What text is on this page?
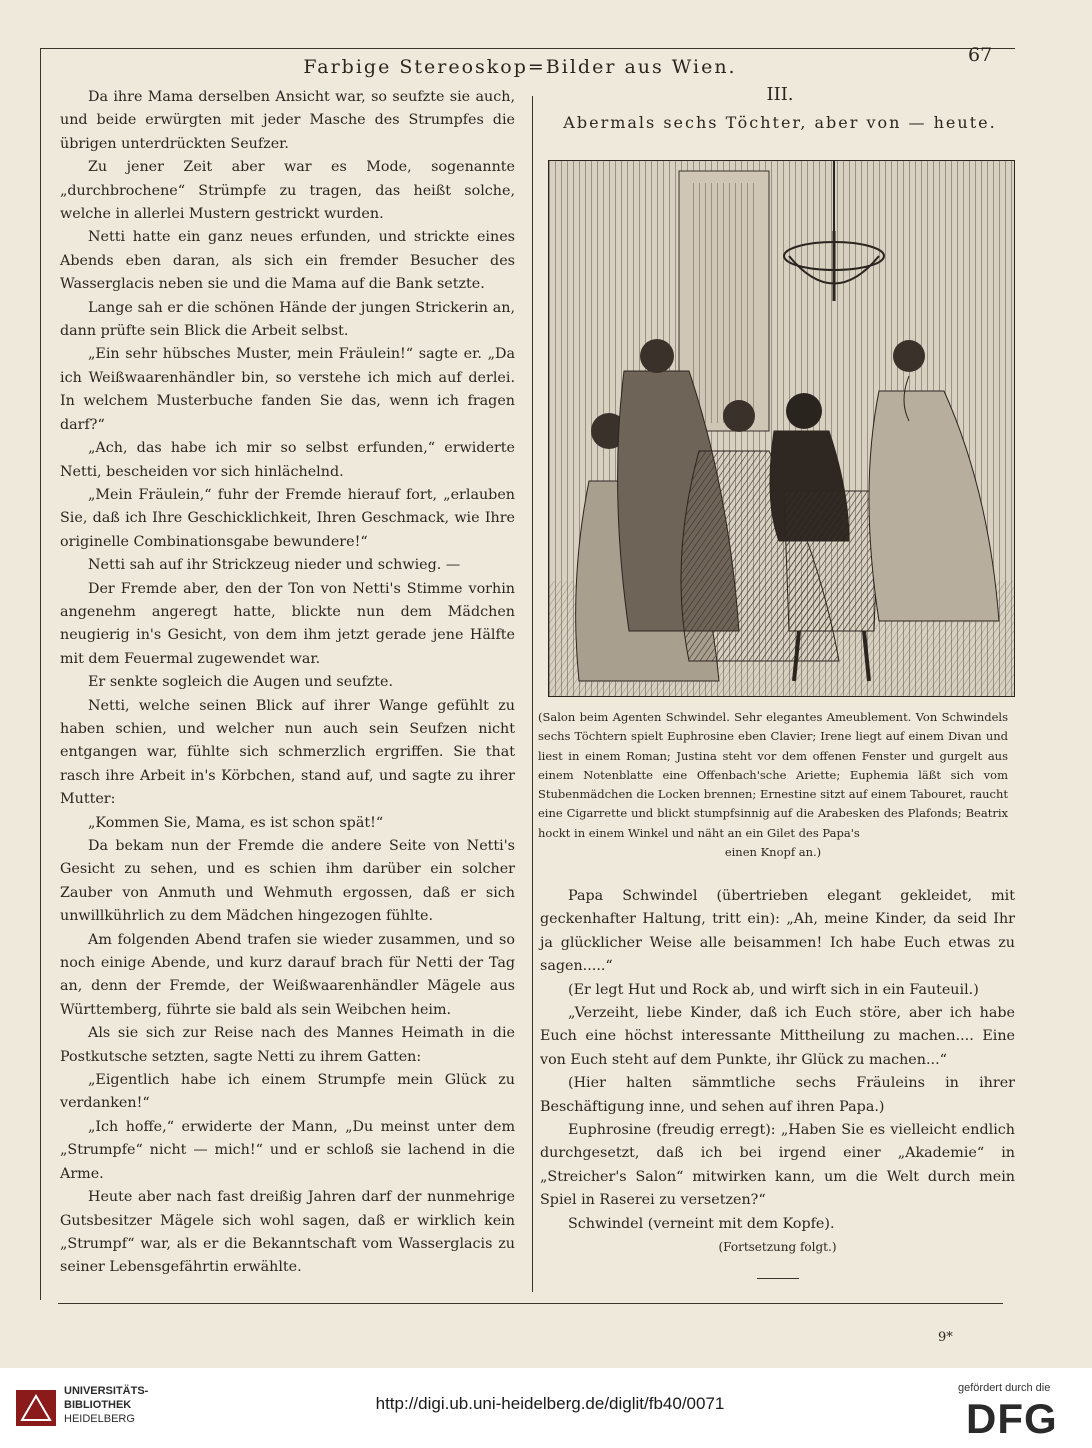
Farbige Stereoskop=Bilder aus Wien.
67

Da ihre Mama derselben Ansicht war, so seufzte sie auch, und beide erwürgten mit jeder Masche des Strumpfes die übrigen unterdrückten Seufzer.

Zu jener Zeit aber war es Mode, sogenannte „durchbrochene“ Strümpfe zu tragen, das heißt solche, welche in allerlei Mustern gestrickt wurden.

Netti hatte ein ganz neues erfunden, und strickte eines Abends eben daran, als sich ein fremder Besucher des Wasserglacis neben sie und die Mama auf die Bank setzte.

Lange sah er die schönen Hände der jungen Strickerin an, dann prüfte sein Blick die Arbeit selbst.

„Ein sehr hübsches Muster, mein Fräulein!“ sagte er. „Da ich Weißwaarenhändler bin, so verstehe ich mich auf derlei. In welchem Musterbuche fanden Sie das, wenn ich fragen darf?“

„Ach, das habe ich mir so selbst erfunden,“ erwiderte Netti, bescheiden vor sich hinlächelnd.

„Mein Fräulein,“ fuhr der Fremde hierauf fort, „erlauben Sie, daß ich Ihre Geschicklichkeit, Ihren Geschmack, wie Ihre originelle Combinationsgabe bewundere!“

Netti sah auf ihr Strickzeug nieder und schwieg. —

Der Fremde aber, den der Ton von Netti's Stimme vorhin angenehm angeregt hatte, blickte nun dem Mädchen neugierig in's Gesicht, von dem ihm jetzt gerade jene Hälfte mit dem Feuermal zugewendet war.

Er senkte sogleich die Augen und seufzte.

Netti, welche seinen Blick auf ihrer Wange gefühlt zu haben schien, und welcher nun auch sein Seufzen nicht entgangen war, fühlte sich schmerzlich ergriffen. Sie that rasch ihre Arbeit in's Körbchen, stand auf, und sagte zu ihrer Mutter:

„Kommen Sie, Mama, es ist schon spät!“

Da bekam nun der Fremde die andere Seite von Netti's Gesicht zu sehen, und es schien ihm darüber ein solcher Zauber von Anmuth und Wehmuth ergossen, daß er sich unwillkührlich zu dem Mädchen hingezogen fühlte.

Am folgenden Abend trafen sie wieder zusammen, und so noch einige Abende, und kurz darauf brach für Netti der Tag an, denn der Fremde, der Weißwaarenhändler Mägele aus Württemberg, führte sie bald als sein Weibchen heim.

Als sie sich zur Reise nach des Mannes Heimath in die Postkutsche setzten, sagte Netti zu ihrem Gatten:

„Eigentlich habe ich einem Strumpfe mein Glück zu verdanken!“

„Ich hoffe,“ erwiderte der Mann, „Du meinst unter dem „Strumpfe“ nicht — mich!“ und er schloß sie lachend in die Arme.

Heute aber nach fast dreißig Jahren darf der nunmehrige Gutsbesitzer Mägele sich wohl sagen, daß er wirklich kein „Strumpf“ war, als er die Bekanntschaft vom Wasserglacis zu seiner Lebensgefährtin erwählte.

III.
Abermals sechs Töchter, aber von — heute.

(Salon beim Agenten Schwindel. Sehr elegantes Ameublement. Von Schwindels sechs Töchtern spielt Euphrosine eben Clavier; Irene liegt auf einem Divan und liest in einem Roman; Justina steht vor dem offenen Fenster und gurgelt aus einem Notenblatte eine Offenbach'sche Ariette; Euphemia läßt sich vom Stubenmädchen die Locken brennen; Ernestine sitzt auf einem Tabouret, raucht eine Cigarrette und blickt stumpfsinnig auf die Arabesken des Plafonds; Beatrix hockt in einem Winkel und näht an ein Gilet des Papa's

einen Knopf an.)

Papa Schwindel (übertrieben elegant gekleidet, mit geckenhafter Haltung, tritt ein): „Ah, meine Kinder, da seid Ihr ja glücklicher Weise alle beisammen! Ich habe Euch etwas zu sagen.....“

(Er legt Hut und Rock ab, und wirft sich in ein Fauteuil.)

„Verzeiht, liebe Kinder, daß ich Euch störe, aber ich habe Euch eine höchst interessante Mittheilung zu machen.... Eine von Euch steht auf dem Punkte, ihr Glück zu machen...“

(Hier halten sämmtliche sechs Fräuleins in ihrer Beschäftigung inne, und sehen auf ihren Papa.)

Euphrosine (freudig erregt): „Haben Sie es vielleicht endlich durchgesetzt, daß ich bei irgend einer „Akademie“ in „Streicher's Salon“ mitwirken kann, um die Welt durch mein Spiel in Raserei zu versetzen?“

Schwindel (verneint mit dem Kopfe).

(Fortsetzung folgt.)

9*
UNIVERSITÄTS-
BIBLIOTHEK
HEIDELBERG
http://digi.ub.uni-heidelberg.de/diglit/fb40/0071
gefördert durch die
DFG
